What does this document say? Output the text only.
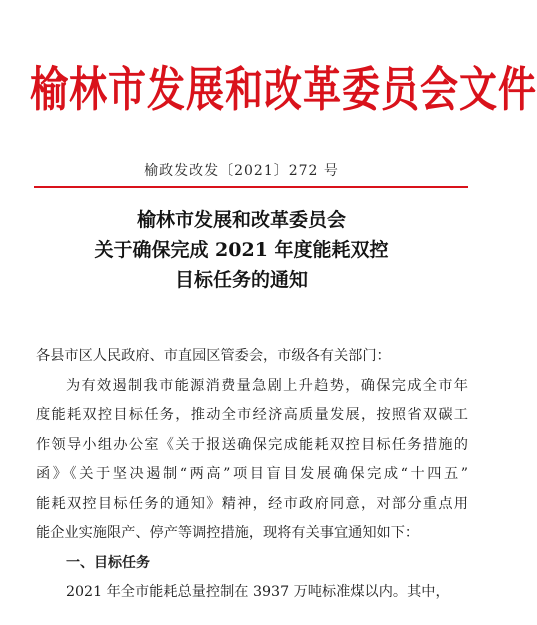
榆林市发展和改革委员会文件
榆政发改发〔2021〕272 号
榆林市发展和改革委员会
关于确保完成 2021 年度能耗双控
目标任务的通知
各县市区人民政府、市直园区管委会，市级各有关部门：
为有效遏制我市能源消费量急剧上升趋势，确保完成全市年
度能耗双控目标任务，推动全市经济高质量发展，按照省双碳工
作领导小组办公室《关于报送确保完成能耗双控目标任务措施的
函》《关于坚决遏制“两高”项目盲目发展确保完成“十四五”
能耗双控目标任务的通知》精神，经市政府同意，对部分重点用
能企业实施限产、停产等调控措施，现将有关事宜通知如下：
一、目标任务
2021 年全市能耗总量控制在 3937 万吨标准煤以内。其中，
